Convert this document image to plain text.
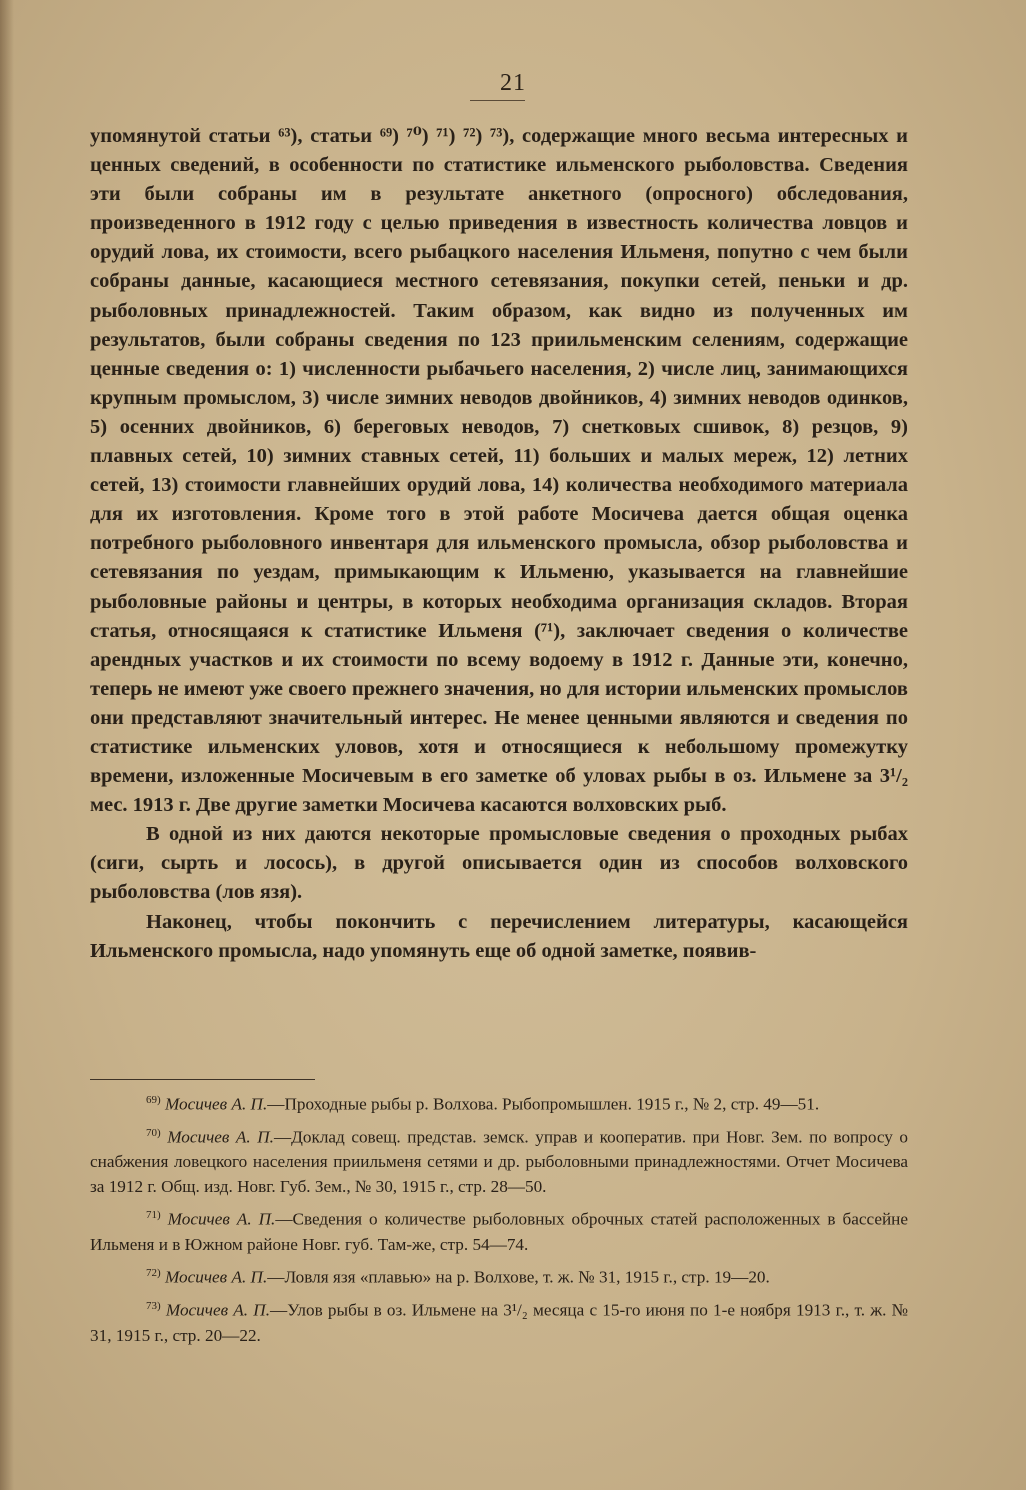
21

упомянутой статьи ⁶³), статьи ⁶⁹) ⁷⁰) ⁷¹) ⁷²) ⁷³), содержащие много весьма интересных и ценных сведений, в особенности по статистике ильменского рыболовства. Сведения эти были собраны им в результате анкетного (опросного) обследования, произведенного в 1912 году с целью приведения в известность количества ловцов и орудий лова, их стоимости, всего рыбацкого населения Ильменя, попутно с чем были собраны данные, касающиеся местного сетевязания, покупки сетей, пеньки и др. рыболовных принадлежностей. Таким образом, как видно из полученных им результатов, были собраны сведения по 123 приильменским селениям, содержащие ценные сведения о: 1) численности рыбачьего населения, 2) числе лиц, занимающихся крупным промыслом, 3) числе зимних неводов двойников, 4) зимних неводов одинков, 5) осенних двойников, 6) береговых неводов, 7) снетковых сшивок, 8) резцов, 9) плавных сетей, 10) зимних ставных сетей, 11) больших и малых мереж, 12) летних сетей, 13) стоимости главнейших орудий лова, 14) количества необходимого материала для их изготовления. Кроме того в этой работе Мосичева дается общая оценка потребного рыболовного инвентаря для ильменского промысла, обзор рыболовства и сетевязания по уездам, примыкающим к Ильменю, указывается на главнейшие рыболовные районы и центры, в которых необходима организация складов. Вторая статья, относящаяся к статистике Ильменя (⁷¹), заключает сведения о количестве арендных участков и их стоимости по всему водоему в 1912 г. Данные эти, конечно, теперь не имеют уже своего прежнего значения, но для истории ильменских промыслов они представляют значительный интерес. Не менее ценными являются и сведения по статистике ильменских уловов, хотя и относящиеся к небольшому промежутку времени, изложенные Мосичевым в его заметке об уловах рыбы в оз. Ильмене за 3¹/₂ мес. 1913 г. Две другие заметки Мосичева касаются волховских рыб.

В одной из них даются некоторые промысловые сведения о проходных рыбах (сиги, сырть и лосось), в другой описывается один из способов волховского рыболовства (лов язя).

Наконец, чтобы покончить с перечислением литературы, касающейся Ильменского промысла, надо упомянуть еще об одной заметке, появив-

$^{69)}$ Мосичев А. П.—Проходные рыбы р. Волхова. Рыбопромышлен. 1915 г., № 2, стр. 49—51.

$^{70)}$ Мосичев А. П.—Доклад совещ. представ. земск. управ и кооператив. при Новг. Зем. по вопросу о снабжения ловецкого населения приильменя сетями и др. рыболовными принадлежностями. Отчет Мосичева за 1912 г. Общ. изд. Новг. Губ. Зем., № 30, 1915 г., стр. 28—50.

$^{71)}$ Мосичев А. П.—Сведения о количестве рыболовных оброчных статей расположенных в бассейне Ильменя и в Южном районе Новг. губ. Там-же, стр. 54—74.

$^{72)}$ Мосичев А. П.—Ловля язя «плавью» на р. Волхове, т. ж. № 31, 1915 г., стр. 19—20.

$^{73)}$ Мосичев А. П.—Улов рыбы в оз. Ильмене на 3¹/₂ месяца с 15-го июня по 1-е ноября 1913 г., т. ж. № 31, 1915 г., стр. 20—22.
